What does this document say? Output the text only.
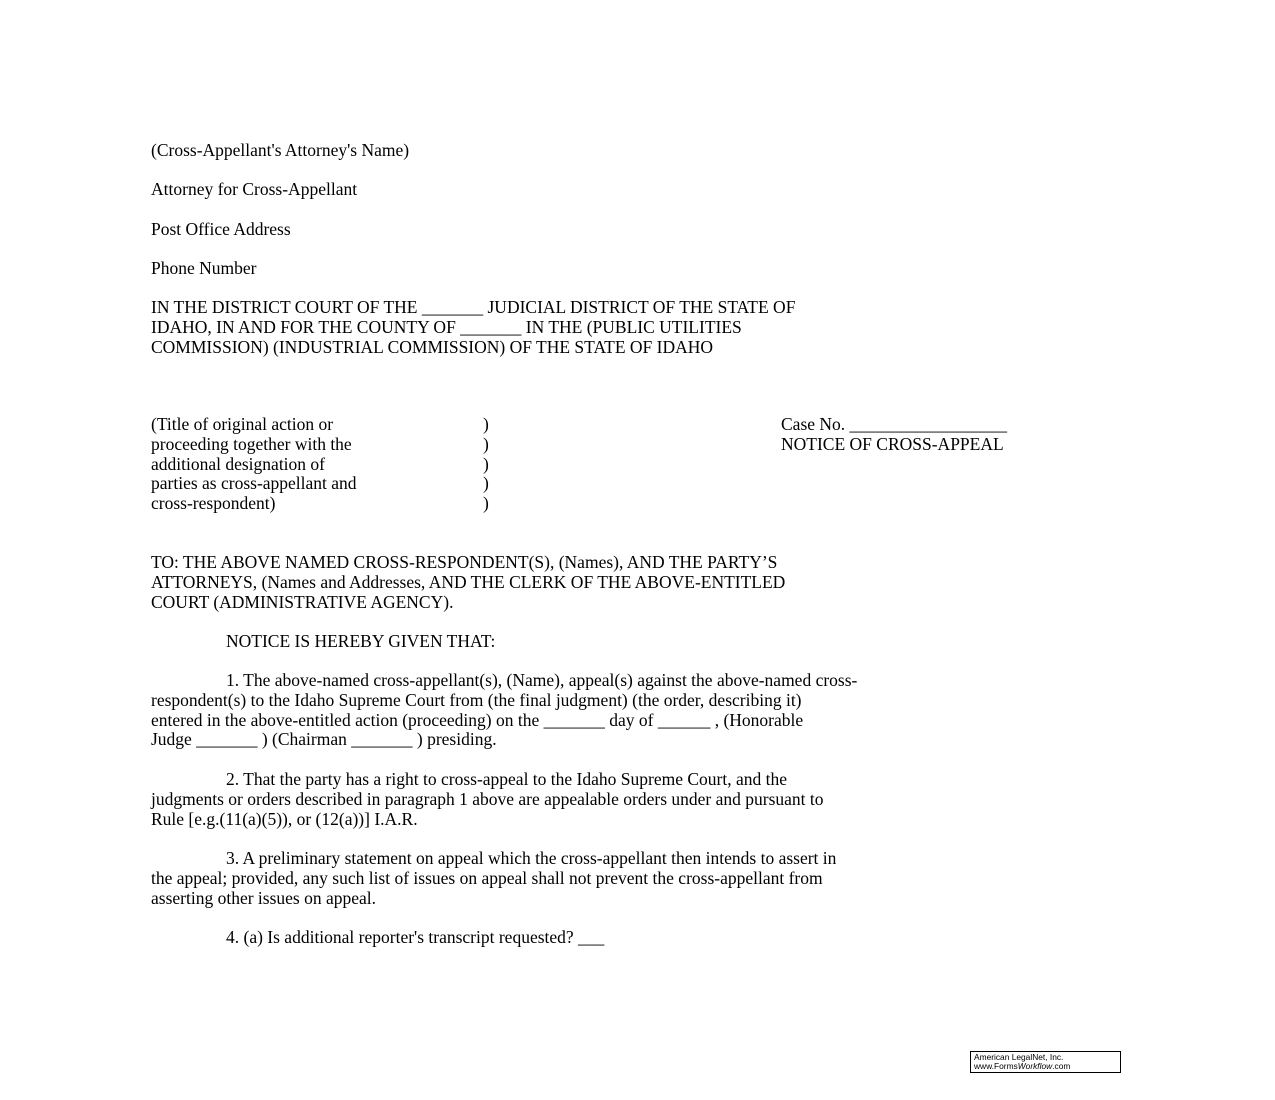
(Cross-Appellant's Attorney's Name)
Attorney for Cross-Appellant
Post Office Address
Phone Number
IN THE DISTRICT COURT OF THE _______ JUDICIAL DISTRICT OF THE STATE OF
IDAHO, IN AND FOR THE COUNTY OF _______ IN THE (PUBLIC UTILITIES
COMMISSION) (INDUSTRIAL COMMISSION) OF THE STATE OF IDAHO
(Title of original action or
proceeding together with the
additional designation of
parties as cross-appellant and
cross-respondent)
)
)
)
)
)
Case No. __________________
NOTICE OF CROSS-APPEAL
TO: THE ABOVE NAMED CROSS-RESPONDENT(S), (Names), AND THE PARTY’S
ATTORNEYS, (Names and Addresses, AND THE CLERK OF THE ABOVE-ENTITLED
COURT (ADMINISTRATIVE AGENCY).
NOTICE IS HEREBY GIVEN THAT:
1. The above-named cross-appellant(s), (Name), appeal(s) against the above-named cross-
respondent(s) to the Idaho Supreme Court from (the final judgment) (the order, describing it)
entered in the above-entitled action (proceeding) on the _______ day of ______ , (Honorable
Judge _______ ) (Chairman _______ ) presiding.
2. That the party has a right to cross-appeal to the Idaho Supreme Court, and the
judgments or orders described in paragraph 1 above are appealable orders under and pursuant to
Rule [e.g.(11(a)(5)), or (12(a))] I.A.R.
3. A preliminary statement on appeal which the cross-appellant then intends to assert in
the appeal; provided, any such list of issues on appeal shall not prevent the cross-appellant from
asserting other issues on appeal.
4. (a) Is additional reporter's transcript requested? ___
American LegalNet, Inc.
www.FormsWorkflow.com
